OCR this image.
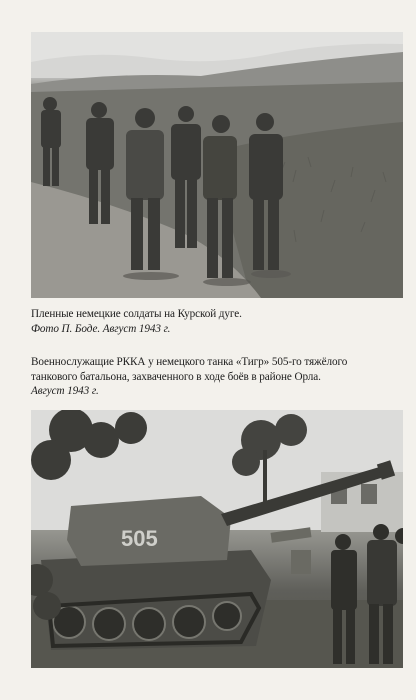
Пленные немецкие солдаты на Курской дуге.
Фото П. Боде. Август 1943 г.
Военнослужащие РККА у немецкого танка «Тигр» 505-го тяжёлого
танкового батальона, захваченного в ходе боёв в районе Орла.
Август 1943 г.
505
